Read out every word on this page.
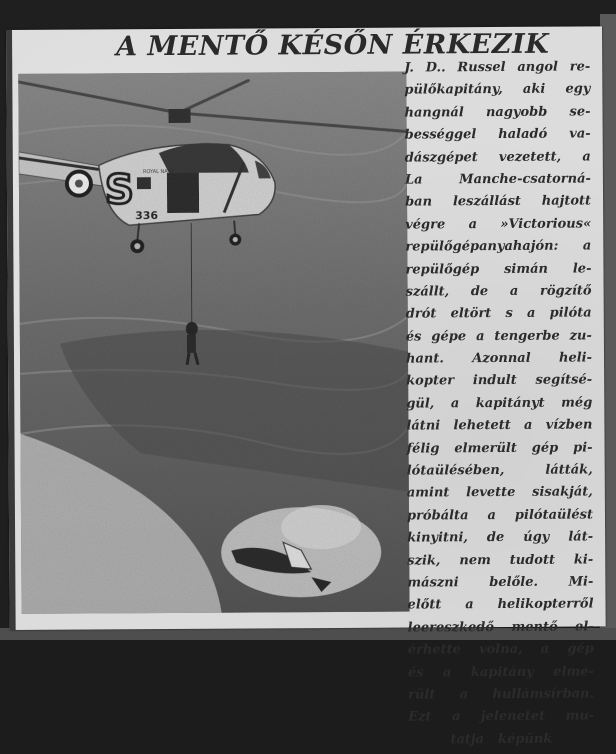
A MENTŐ KÉSŐN ÉRKEZIK
S
336
ROYAL NAVY
J. D.. Russel angol re-
pülőkapitány, aki egy
hangnál nagyobb se-
bességgel haladó va-
dászgépet vezetett, a
La	Manche-csatorná-
ban leszállást hajtott
végre a »Victorious«
repülőgépanyahajón: a
repülőgép simán le-
szállt, de a rögzítő
drót eltört s a pilóta
és gépe a tengerbe zu-
hant. Azonnal heli-
kopter indult segítsé-
gül, a kapitányt még
látni lehetett a vízben
félig elmerült gép pi-
lótaülésében,	látták,
amint levette sisakját,
próbálta a pilótaülést
kinyitni, de úgy lát-
szik, nem tudott ki-
mászni belőle. Mi-
előtt a helikopterről
leereszkedő mentő el-
érhette volna, a gép
és a kapitány elme-
rült a hullámsírban.
Ezt a jelenetet mu-
tatja képünk
